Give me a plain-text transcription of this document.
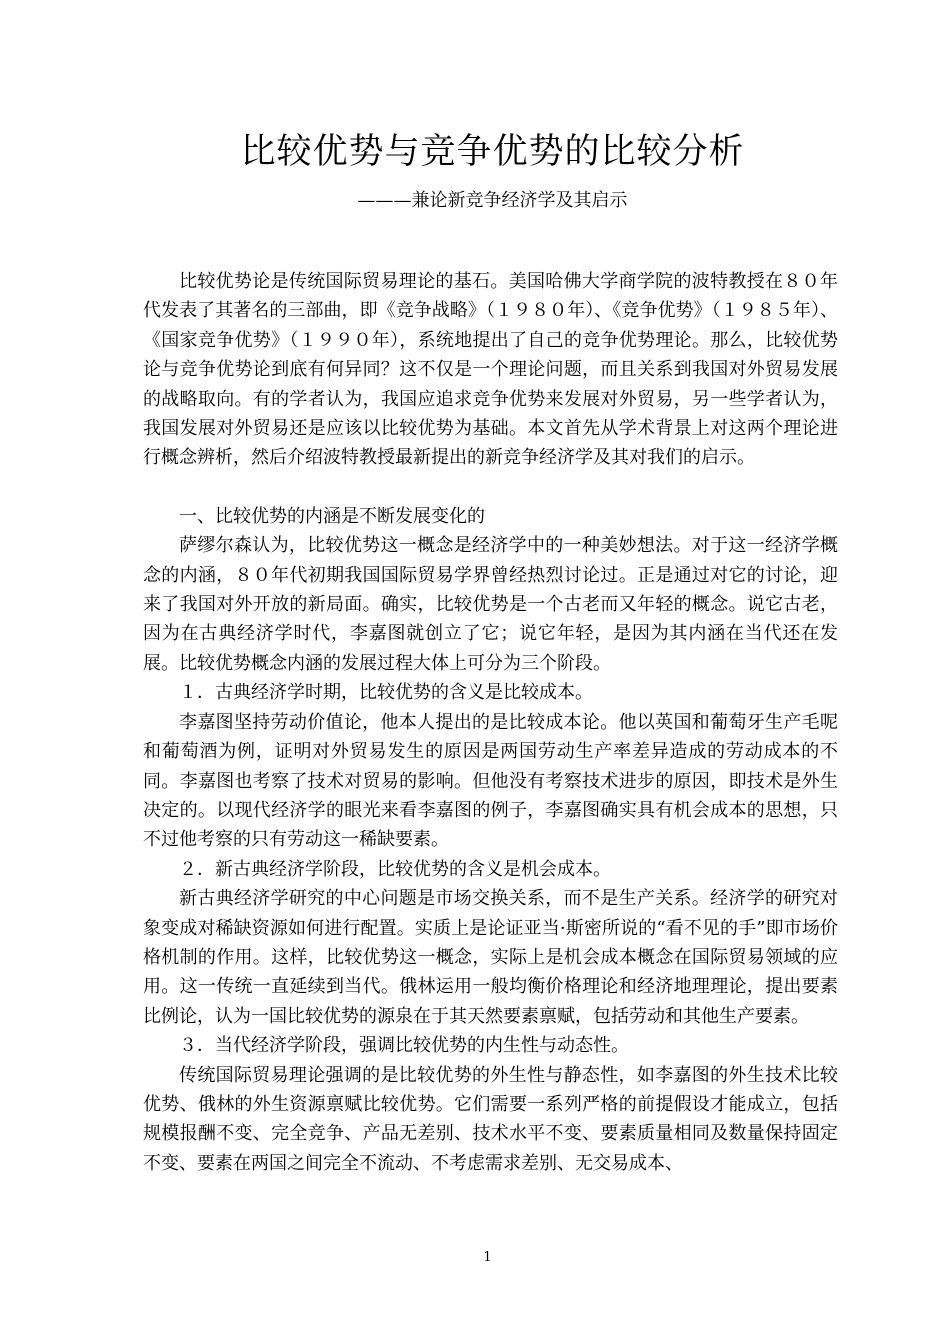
比较优势与竞争优势的比较分析
———兼论新竞争经济学及其启示

比较优势论是传统国际贸易理论的基石。美国哈佛大学商学院的波特教授在８０年代发表了其著名的三部曲，即《竞争战略》（１９８０年）、《竞争优势》（１９８５年）、《国家竞争优势》（１９９０年），系统地提出了自己的竞争优势理论。那么，比较优势论与竞争优势论到底有何异同？这不仅是一个理论问题，而且关系到我国对外贸易发展的战略取向。有的学者认为，我国应追求竞争优势来发展对外贸易，另一些学者认为，我国发展对外贸易还是应该以比较优势为基础。本文首先从学术背景上对这两个理论进行概念辨析，然后介绍波特教授最新提出的新竞争经济学及其对我们的启示。

一、比较优势的内涵是不断发展变化的

萨缪尔森认为，比较优势这一概念是经济学中的一种美妙想法。对于这一经济学概念的内涵，８０年代初期我国国际贸易学界曾经热烈讨论过。正是通过对它的讨论，迎来了我国对外开放的新局面。确实，比较优势是一个古老而又年轻的概念。说它古老，因为在古典经济学时代，李嘉图就创立了它；说它年轻，是因为其内涵在当代还在发展。比较优势概念内涵的发展过程大体上可分为三个阶段。

１．古典经济学时期，比较优势的含义是比较成本。

李嘉图坚持劳动价值论，他本人提出的是比较成本论。他以英国和葡萄牙生产毛呢和葡萄酒为例，证明对外贸易发生的原因是两国劳动生产率差异造成的劳动成本的不同。李嘉图也考察了技术对贸易的影响。但他没有考察技术进步的原因，即技术是外生决定的。以现代经济学的眼光来看李嘉图的例子，李嘉图确实具有机会成本的思想，只不过他考察的只有劳动这一稀缺要素。

２．新古典经济学阶段，比较优势的含义是机会成本。

新古典经济学研究的中心问题是市场交换关系，而不是生产关系。经济学的研究对象变成对稀缺资源如何进行配置。实质上是论证亚当·斯密所说的“看不见的手”即市场价格机制的作用。这样，比较优势这一概念，实际上是机会成本概念在国际贸易领域的应用。这一传统一直延续到当代。俄林运用一般均衡价格理论和经济地理理论，提出要素比例论，认为一国比较优势的源泉在于其天然要素禀赋，包括劳动和其他生产要素。

３．当代经济学阶段，强调比较优势的内生性与动态性。

传统国际贸易理论强调的是比较优势的外生性与静态性，如李嘉图的外生技术比较优势、俄林的外生资源禀赋比较优势。它们需要一系列严格的前提假设才能成立，包括规模报酬不变、完全竞争、产品无差别、技术水平不变、要素质量相同及数量保持固定不变、要素在两国之间完全不流动、不考虑需求差别、无交易成本、

1
